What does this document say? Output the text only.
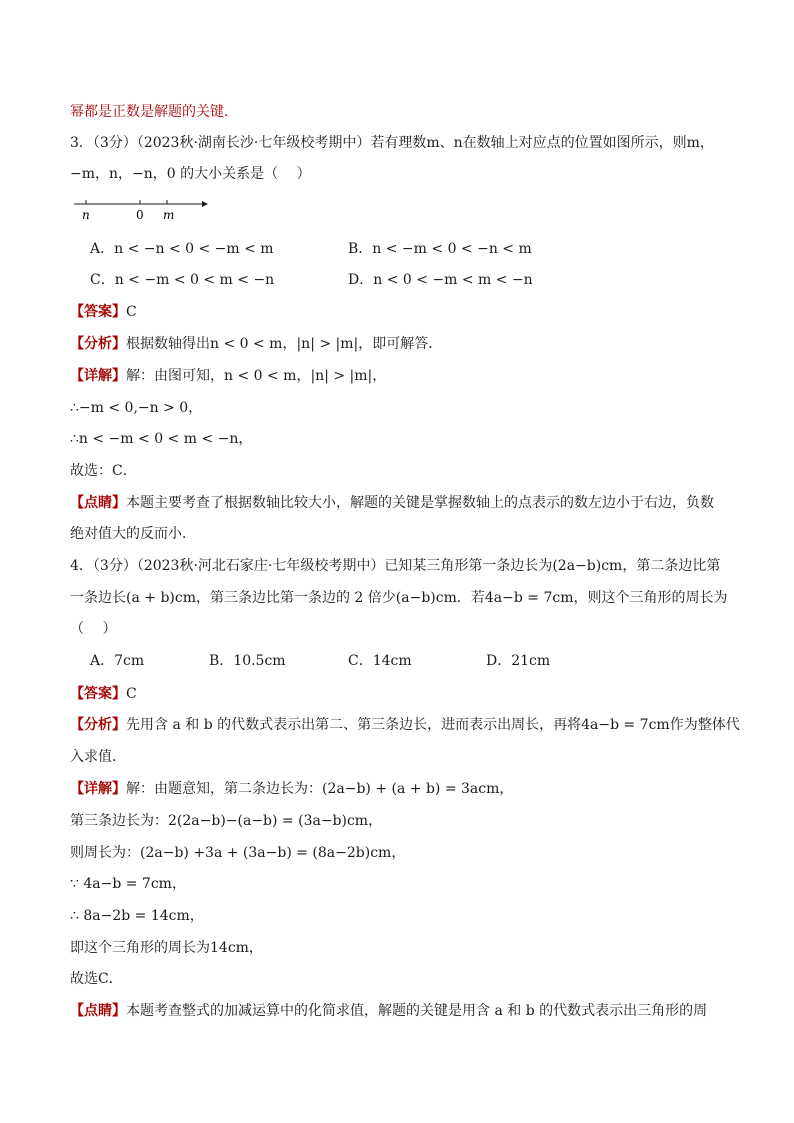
幂都是正数是解题的关键．
3．（3分）（2023秋·湖南长沙·七年级校考期中）若有理数m、n在数轴上对应点的位置如图所示，则m，
−m，n，−n，0 的大小关系是（　 ）
n	0 m
A．n < −n < 0 < −m < m	B．n < −m < 0 < −n < m
C．n < −m < 0 < m < −n	D．n < 0 < −m < m < −n
【答案】C
【分析】根据数轴得出n < 0 < m，|n| > |m|，即可解答．
【详解】解：由图可知，n < 0 < m，|n| > |m|，
∴−m < 0,−n > 0，
∴n < −m < 0 < m < −n，
故选：C．
【点睛】本题主要考查了根据数轴比较大小，解题的关键是掌握数轴上的点表示的数左边小于右边，负数
绝对值大的反而小．
4．（3分）（2023秋·河北石家庄·七年级校考期中）已知某三角形第一条边长为(2a−b)cm，第二条边比第
一条边长(a + b)cm，第三条边比第一条边的 2 倍少(a−b)cm．若4a−b = 7cm，则这个三角形的周长为
（　 ）
A．7cm	B．10.5cm	C．14cm	D．21cm
【答案】C
【分析】先用含 a 和 b 的代数式表示出第二、第三条边长，进而表示出周长，再将4a−b = 7cm作为整体代
入求值．
【详解】解：由题意知，第二条边长为：(2a−b) + (a + b) = 3acm，
第三条边长为：2(2a−b)−(a−b) = (3a−b)cm，
则周长为：(2a−b) +3a + (3a−b) = (8a−2b)cm，
∵ 4a−b = 7cm，
∴ 8a−2b = 14cm，
即这个三角形的周长为14cm，
故选C．
【点睛】本题考查整式的加减运算中的化简求值，解题的关键是用含 a 和 b 的代数式表示出三角形的周
